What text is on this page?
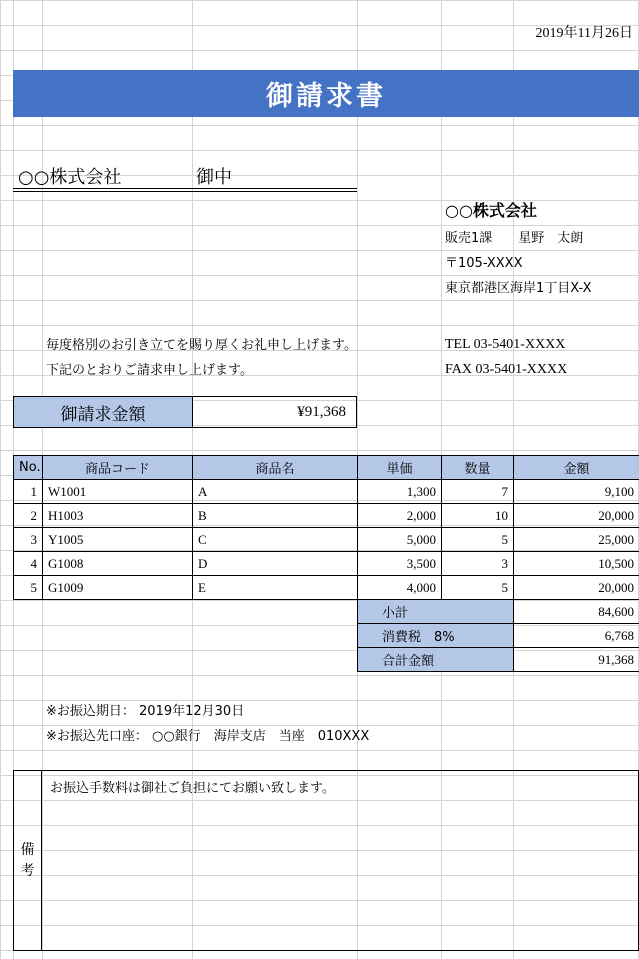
2019年11月26日
御請求書
○○株式会社	御中
○○株式会社
販売1課　　星野　太朗
〒105-XXXX
東京都港区海岸1丁目X-X
TEL 03-5401-XXXX
FAX 03-5401-XXXX
毎度格別のお引き立てを賜り厚くお礼申し上げます。
下記のとおりご請求申し上げます。
御請求金額	¥91,368
No.	商品コード	商品名	単価	数量	金額
1	W1001	A	1,300	7	9,100
2	H1003	B	2,000	10	20,000
3	Y1005	C	5,000	5	25,000
4	G1008	D	3,500	3	10,500
5	G1009	E	4,000	5	20,000
			小計		84,600
			消費税　8%		6,768
			合計金額		91,368
※お振込期日： 2019年12月30日
※お振込先口座： ○○銀行　海岸支店　当座　010XXX
備
考
お振込手数料は御社ご負担にてお願い致します。
